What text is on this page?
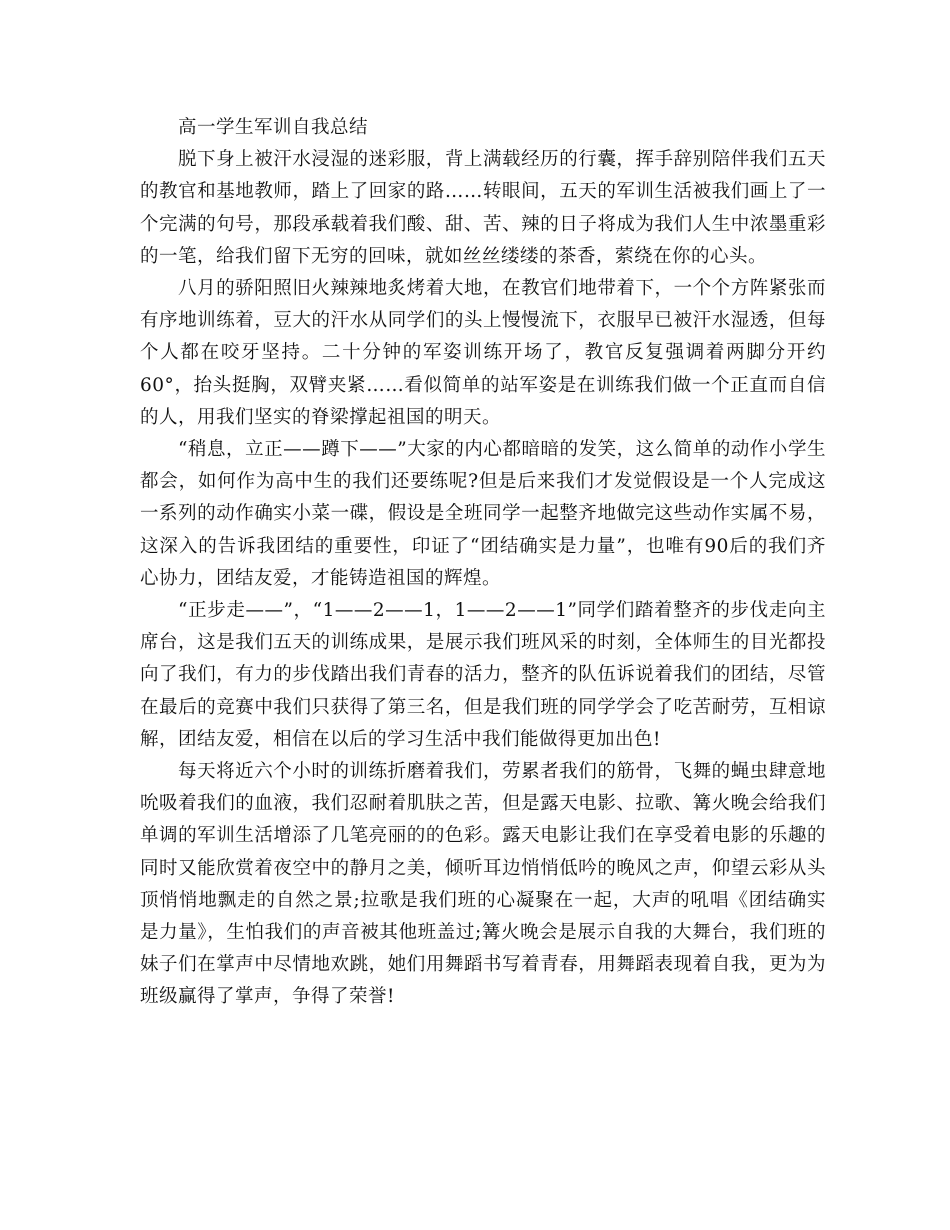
高一学生军训自我总结

脱下身上被汗水浸湿的迷彩服，背上满载经历的行囊，挥手辞别陪伴我们五天的教官和基地教师，踏上了回家的路……转眼间，五天的军训生活被我们画上了一个完满的句号，那段承载着我们酸、甜、苦、辣的日子将成为我们人生中浓墨重彩的一笔，给我们留下无穷的回味，就如丝丝缕缕的茶香，萦绕在你的心头。

八月的骄阳照旧火辣辣地炙烤着大地，在教官们地带着下，一个个方阵紧张而有序地训练着，豆大的汗水从同学们的头上慢慢流下，衣服早已被汗水湿透，但每个人都在咬牙坚持。二十分钟的军姿训练开场了，教官反复强调着两脚分开约60°，抬头挺胸，双臂夹紧……看似简单的站军姿是在训练我们做一个正直而自信的人，用我们坚实的脊梁撑起祖国的明天。

“稍息，立正——蹲下——”大家的内心都暗暗的发笑，这么简单的动作小学生都会，如何作为高中生的我们还要练呢?但是后来我们才发觉假设是一个人完成这一系列的动作确实小菜一碟，假设是全班同学一起整齐地做完这些动作实属不易，这深入的告诉我团结的重要性，印证了“团结确实是力量”，也唯有90后的我们齐心协力，团结友爱，才能铸造祖国的辉煌。

“正步走——”，“1——2——1，1——2——1”同学们踏着整齐的步伐走向主席台，这是我们五天的训练成果，是展示我们班风采的时刻，全体师生的目光都投向了我们，有力的步伐踏出我们青春的活力，整齐的队伍诉说着我们的团结，尽管在最后的竞赛中我们只获得了第三名，但是我们班的同学学会了吃苦耐劳，互相谅解，团结友爱，相信在以后的学习生活中我们能做得更加出色!

每天将近六个小时的训练折磨着我们，劳累者我们的筋骨，飞舞的蝇虫肆意地吮吸着我们的血液，我们忍耐着肌肤之苦，但是露天电影、拉歌、篝火晚会给我们单调的军训生活增添了几笔亮丽的的色彩。露天电影让我们在享受着电影的乐趣的同时又能欣赏着夜空中的静月之美，倾听耳边悄悄低吟的晚风之声，仰望云彩从头顶悄悄地飘走的自然之景;拉歌是我们班的心凝聚在一起，大声的吼唱《团结确实是力量》，生怕我们的声音被其他班盖过;篝火晚会是展示自我的大舞台，我们班的妹子们在掌声中尽情地欢跳，她们用舞蹈书写着青春，用舞蹈表现着自我，更为为班级赢得了掌声，争得了荣誉!
